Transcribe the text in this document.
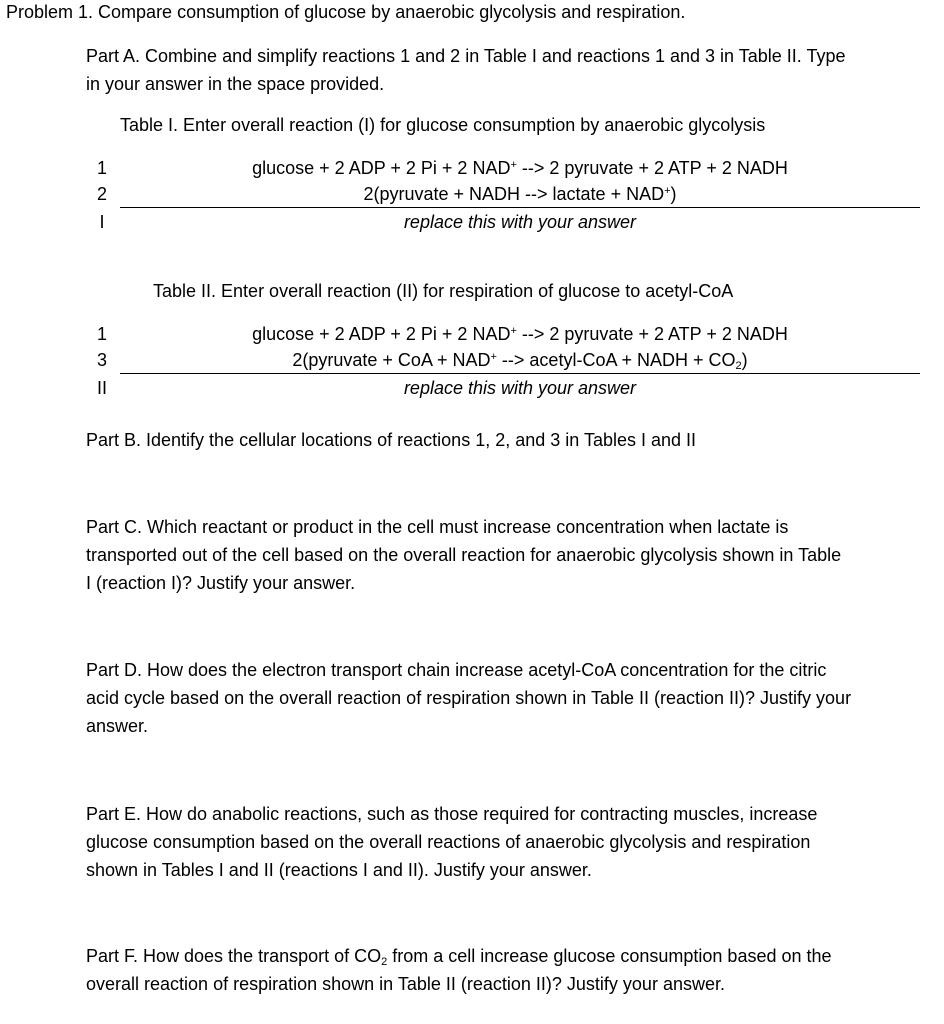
Problem 1. Compare consumption of glucose by anaerobic glycolysis and respiration.
Part A. Combine and simplify reactions 1 and 2 in Table I and reactions 1 and 3 in Table II. Type
in your answer in the space provided.
Table I. Enter overall reaction (I) for glucose consumption by anaerobic glycolysis
1	glucose + 2 ADP + 2 Pi + 2 NAD+ --> 2 pyruvate + 2 ATP + 2 NADH
2	2(pyruvate + NADH --> lactate + NAD+)
I	replace this with your answer
Table II. Enter overall reaction (II) for respiration of glucose to acetyl-CoA
1	glucose + 2 ADP + 2 Pi + 2 NAD+ --> 2 pyruvate + 2 ATP + 2 NADH
3	2(pyruvate + CoA + NAD+ --> acetyl-CoA + NADH + $CO_2$)
II	replace this with your answer
Part B. Identify the cellular locations of reactions 1, 2, and 3 in Tables I and II
Part C. Which reactant or product in the cell must increase concentration when lactate is
transported out of the cell based on the overall reaction for anaerobic glycolysis shown in Table
I (reaction I)? Justify your answer.
Part D. How does the electron transport chain increase acetyl-CoA concentration for the citric
acid cycle based on the overall reaction of respiration shown in Table II (reaction II)? Justify your
answer.
Part E. How do anabolic reactions, such as those required for contracting muscles, increase
glucose consumption based on the overall reactions of anaerobic glycolysis and respiration
shown in Tables I and II (reactions I and II). Justify your answer.
Part F. How does the transport of $CO_2$ from a cell increase glucose consumption based on the
overall reaction of respiration shown in Table II (reaction II)? Justify your answer.
